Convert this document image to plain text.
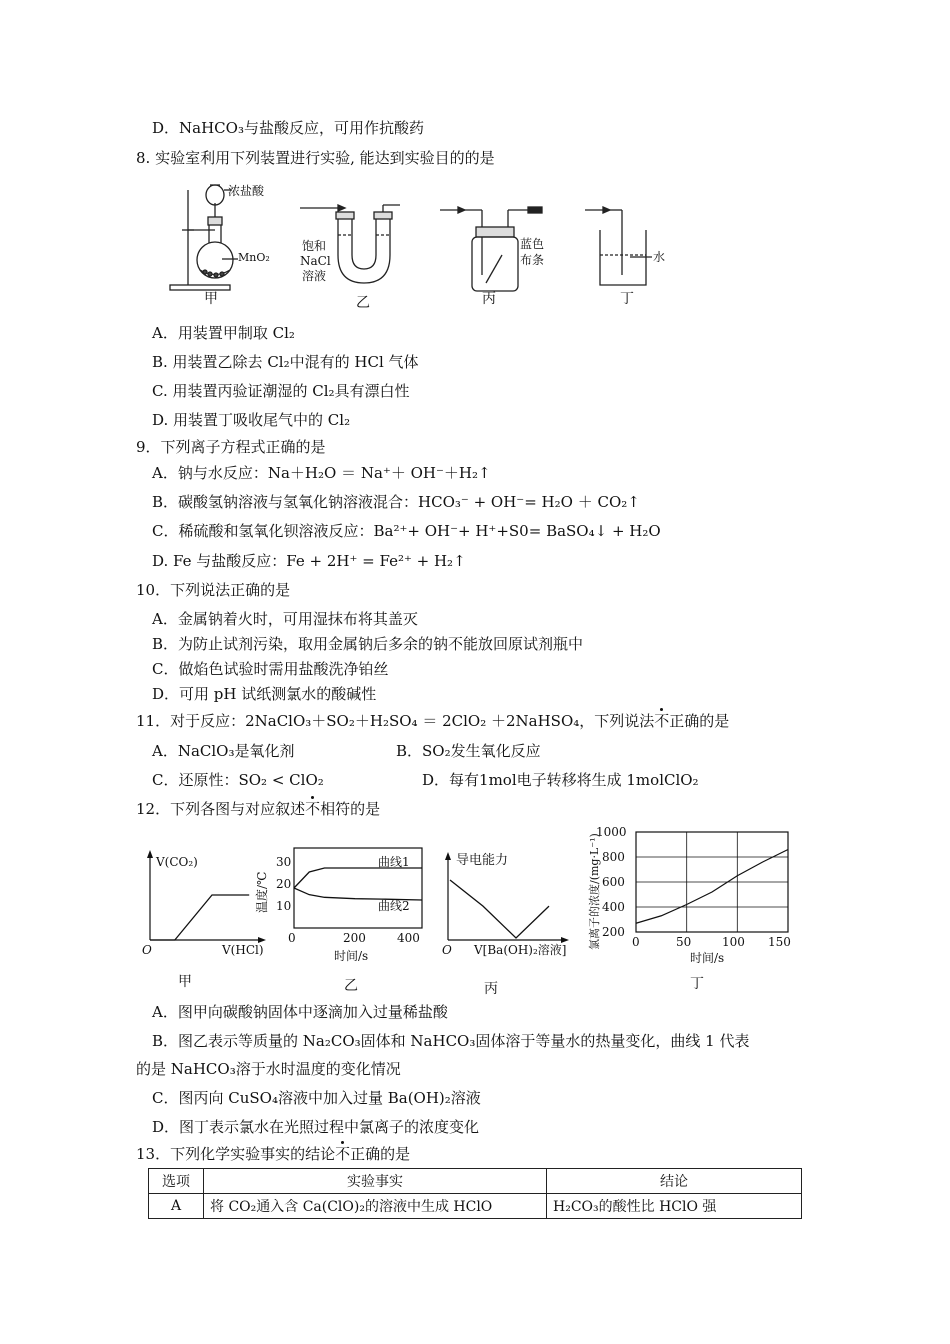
D．NaHCO₃与盐酸反应，可用作抗酸药
8. 实验室利用下列装置进行实验, 能达到实验目的的是
浓盐酸
MnO₂
饱和
NaCl
溶液
蓝色
布条	水
甲	乙	丙	丁
A．用装置甲制取 Cl₂
B. 用装置乙除去 Cl₂中混有的 HCl 气体
C. 用装置丙验证潮湿的 Cl₂具有漂白性
D. 用装置丁吸收尾气中的 Cl₂
9．下列离子方程式正确的是
A．钠与水反应：Na＋H₂O ＝ Na⁺＋ OH⁻＋H₂↑
B．碳酸氢钠溶液与氢氧化钠溶液混合：HCO₃⁻ + OH⁻= H₂O ＋ CO₂↑
C．稀硫酸和氢氧化钡溶液反应：Ba²⁺+ OH⁻+ H⁺+S0= BaSO₄↓ + H₂O
D. Fe 与盐酸反应：Fe + 2H⁺ = Fe²⁺ + H₂↑
10．下列说法正确的是
A．金属钠着火时，可用湿抹布将其盖灭
B．为防止试剂污染，取用金属钠后多余的钠不能放回原试剂瓶中
C．做焰色试验时需用盐酸洗净铂丝
D．可用 pH 试纸测氯水的酸碱性
11．对于反应：2NaClO₃＋SO₂＋H₂SO₄ ＝ 2ClO₂ ＋2NaHSO₄，下列说法不正确的是
A．NaClO₃是氧化剂	B．SO₂发生氧化反应
C．还原性：SO₂ < ClO₂	D．每有1mol电子转移将生成 1molClO₂
12．下列各图与对应叙述不相符的是
V(CO₂)
V(HCl)
O
甲
曲线1
曲线2
10
20
30
0	200	400
时间/s
温度/℃
乙
导电能力
V[Ba(OH)₂溶液]
O
丙
200
400
600
800
1000
0	50	100 150
时间/s
氯离子的浓度/(mg·L⁻¹)
丁
A．图甲向碳酸钠固体中逐滴加入过量稀盐酸
B．图乙表示等质量的 Na₂CO₃固体和 NaHCO₃固体溶于等量水的热量变化，曲线 1 代表
的是 NaHCO₃溶于水时温度的变化情况
C．图丙向 CuSO₄溶液中加入过量 Ba(OH)₂溶液
D．图丁表示氯水在光照过程中氯离子的浓度变化
13．下列化学实验事实的结论不正确的是
选项	实验事实	结论
A	将 CO₂通入含 Ca(ClO)₂的溶液中生成 HClO	H₂CO₃的酸性比 HClO 强
